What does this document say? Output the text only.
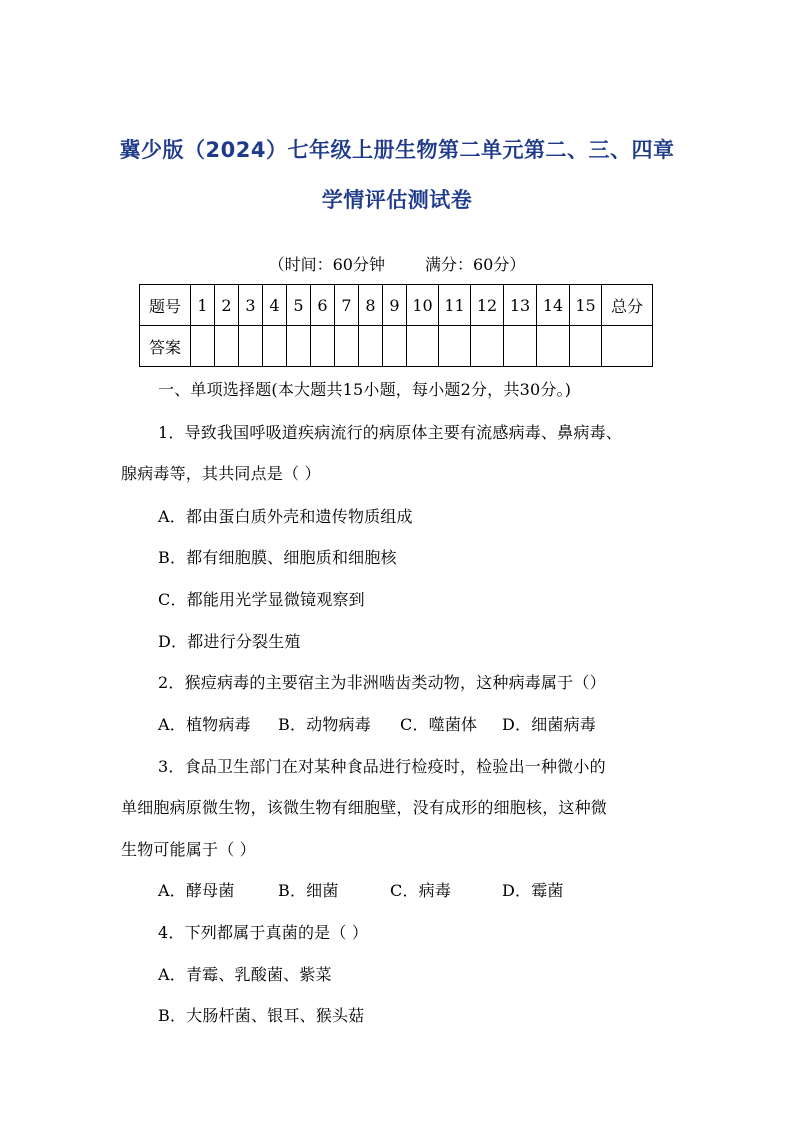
冀少版（2024）七年级上册生物第二单元第二、三、四章
学情评估测试卷
（时间：60分钟	满分：60分）
题号	1	2	3	4	5	6	7	8	9	10	11	12	13	14	15	总分
答案																
一、单项选择题(本大题共15小题，每小题2分，共30分。)
1．导致我国呼吸道疾病流行的病原体主要有流感病毒、鼻病毒、
腺病毒等，其共同点是（ ）
A．都由蛋白质外壳和遗传物质组成
B．都有细胞膜、细胞质和细胞核
C．都能用光学显微镜观察到
D．都进行分裂生殖
2．猴痘病毒的主要宿主为非洲啮齿类动物，这种病毒属于（）
A．植物病毒 B．动物病毒 C．噬菌体 D．细菌病毒
3．食品卫生部门在对某种食品进行检疫时，检验出一种微小的
单细胞病原微生物，该微生物有细胞壁，没有成形的细胞核，这种微
生物可能属于（ ）
A．酵母菌	B．细菌	C．病毒	D．霉菌
4．下列都属于真菌的是（ ）
A．青霉、乳酸菌、紫菜
B．大肠杆菌、银耳、猴头菇
